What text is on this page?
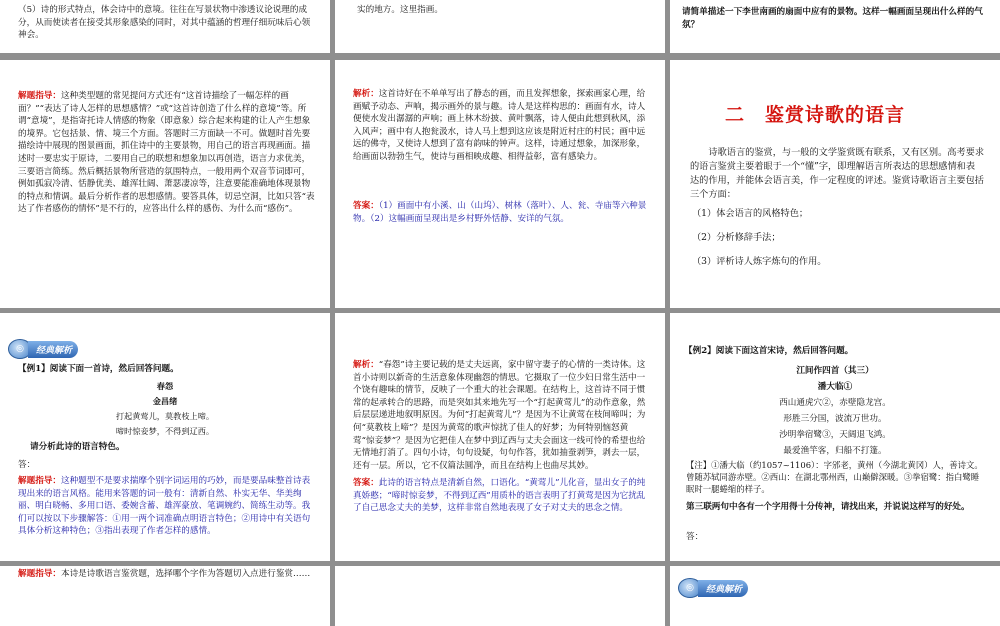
（5）诗的形式特点，体会诗中的意境。往往在写景状物中渗透议论说理的成分，从而使读者在接受其形象感染的同时，对其中蕴涵的哲理仔细玩味后心领神会。

实的地方。这里指画。	请简单描述一下李世南画的扇面中应有的景物。这样一幅画面呈现出什么样的气氛？

解题指导：这种类型题的常见提问方式还有“这首诗描绘了一幅怎样的画面？”“表达了诗人怎样的思想感情？”或“这首诗创造了什么样的意境”等。所谓“意境”，是指寄托诗人情感的物象（即意象）综合起来构建的让人产生想象的境界。它包括景、情、境三个方面。答题时三方面缺一不可。做题时首先要描绘诗中展现的图景画面，抓住诗中的主要景物，用自己的语言再现画面。描述时一要忠实于原诗，二要用自己的联想和想象加以再创造，语言力求优美，三要语言简练。然后概括景物所营造的氛围特点，一般用两个双音节词即可，例如孤寂冷清、恬静优美、雄浑壮阔、萧瑟凄凉等，注意要能准确地体现景物的特点和情调。最后分析作者的思想感情。要答具体，切忌空洞，比如只答“表达了作者感伤的情怀”是不行的，应答出什么样的感伤、为什么而“感伤”。

解析：这首诗好在不单单写出了静态的画，而且发挥想象，探索画家心理，给画赋予动态、声响，揭示画外的景与趣。诗人是这样构思的：画面有水，诗人便使水发出潺潺的声响；画上林木纷披、黄叶飘落，诗人便由此想到秋风，添入风声；画中有人抱瓮汲水，诗人马上想到这应该是附近村庄的村民；画中远远的佛寺，又使诗人想到了富有韵味的钟声。这样，诗通过想象，加深形象，给画面以勃勃生气，使诗与画相映成趣、相得益彰，富有感染力。

答案：（1）画面中有小溪、山（山坞）、树林（落叶）、人、瓮、寺庙等六种景物。（2）这幅画面呈现出是乡村野外恬静、安详的气氛。

二　鉴赏诗歌的语言

诗歌语言的鉴赏，与一般的文学鉴赏既有联系，又有区别。高考要求的语言鉴赏主要着眼于一个“懂”字，即理解语言所表达的思想感情和表达的作用，并能体会语言美，作一定程度的评述。鉴赏诗歌语言主要包括三个方面：

（1）体会语言的风格特色；

（2）分析修辞手法；

（3）评析诗人炼字炼句的作用。

◎	经典解析

【例1】阅读下面一首诗，然后回答问题。

春怨
金昌绪
打起黄莺儿，莫教枝上啼。
啼时惊妾梦，不得到辽西。

请分析此诗的语言特色。

答：

解题指导：这种题型不是要求揣摩个别字词运用的巧妙，而是要品味整首诗表现出来的语言风格。能用来答题的词一般有：清新自然、朴实无华、华美绚丽、明白晓畅、多用口语、委婉含蓄、雄浑豪放、笔调婉约、简练生动等。我们可以按以下步骤解答：①用一两个词准确点明语言特色；②用诗中有关语句具体分析这种特色；③指出表现了作者怎样的感情。

解析：“春怨”诗主要记载的是丈夫远离，家中留守妻子的心情的一类诗体。这首小诗则以新奇的生活意象体现幽怨的情思。它摄取了一位少妇日常生活中一个饶有趣味的情节，反映了一个重大的社会课题。在结构上，这首诗不同于惯常的起承转合的思路，而是突如其来地先写一个“打起黄莺儿”的动作意象，然后层层递进地叙明原因。为何“打起黄莺儿”？是因为不让黄莺在枝间啼叫；为何“莫教枝上啼”？是因为黄莺的歌声惊扰了佳人的好梦；为何特别恼怒黄莺“惊妾梦”？是因为它把佳人在梦中到辽西与丈夫会面这一线可怜的希望也给无情地打消了。四句小诗，句句设疑，句句作答，犹如抽蚕剥笋，剥去一层，还有一层。所以，它不仅篇法圆净，而且在结构上也曲尽其妙。

答案：此诗的语言特点是清新自然，口语化。“黄莺儿”儿化音，显出女子的纯真娇憨；“啼时惊妾梦，不得到辽西”用质朴的语言表明了打黄莺是因为它扰乱了自己思念丈夫的美梦，这样非常自然地表现了女子对丈夫的思念之情。

【例2】阅读下面这首宋诗，然后回答问题。

江间作四首（其三）
潘大临①
西山通虎穴②，赤壁隐龙宫。
形胜三分国，波流万世功。
沙明拳宿鹭③，天阔退飞鸿。
最爱渔竿客，归船不打篷。

【注】①潘大临（约1057~1106）：字邠老，黄州（今湖北黄冈）人，善诗文。曾随苏轼同游赤壁。②西山：在湖北鄂州西，山巅僻深暖。③拳宿鹭：指白鹭睡眠时一腿蜷缩的样子。

第三联两句中各有一个字用得十分传神，请找出来，并说说这样写的好处。

答：

解题指导：本诗是诗歌语言鉴赏题，选择哪个字作为答题切入点进行鉴赏……

◎	经典解析
